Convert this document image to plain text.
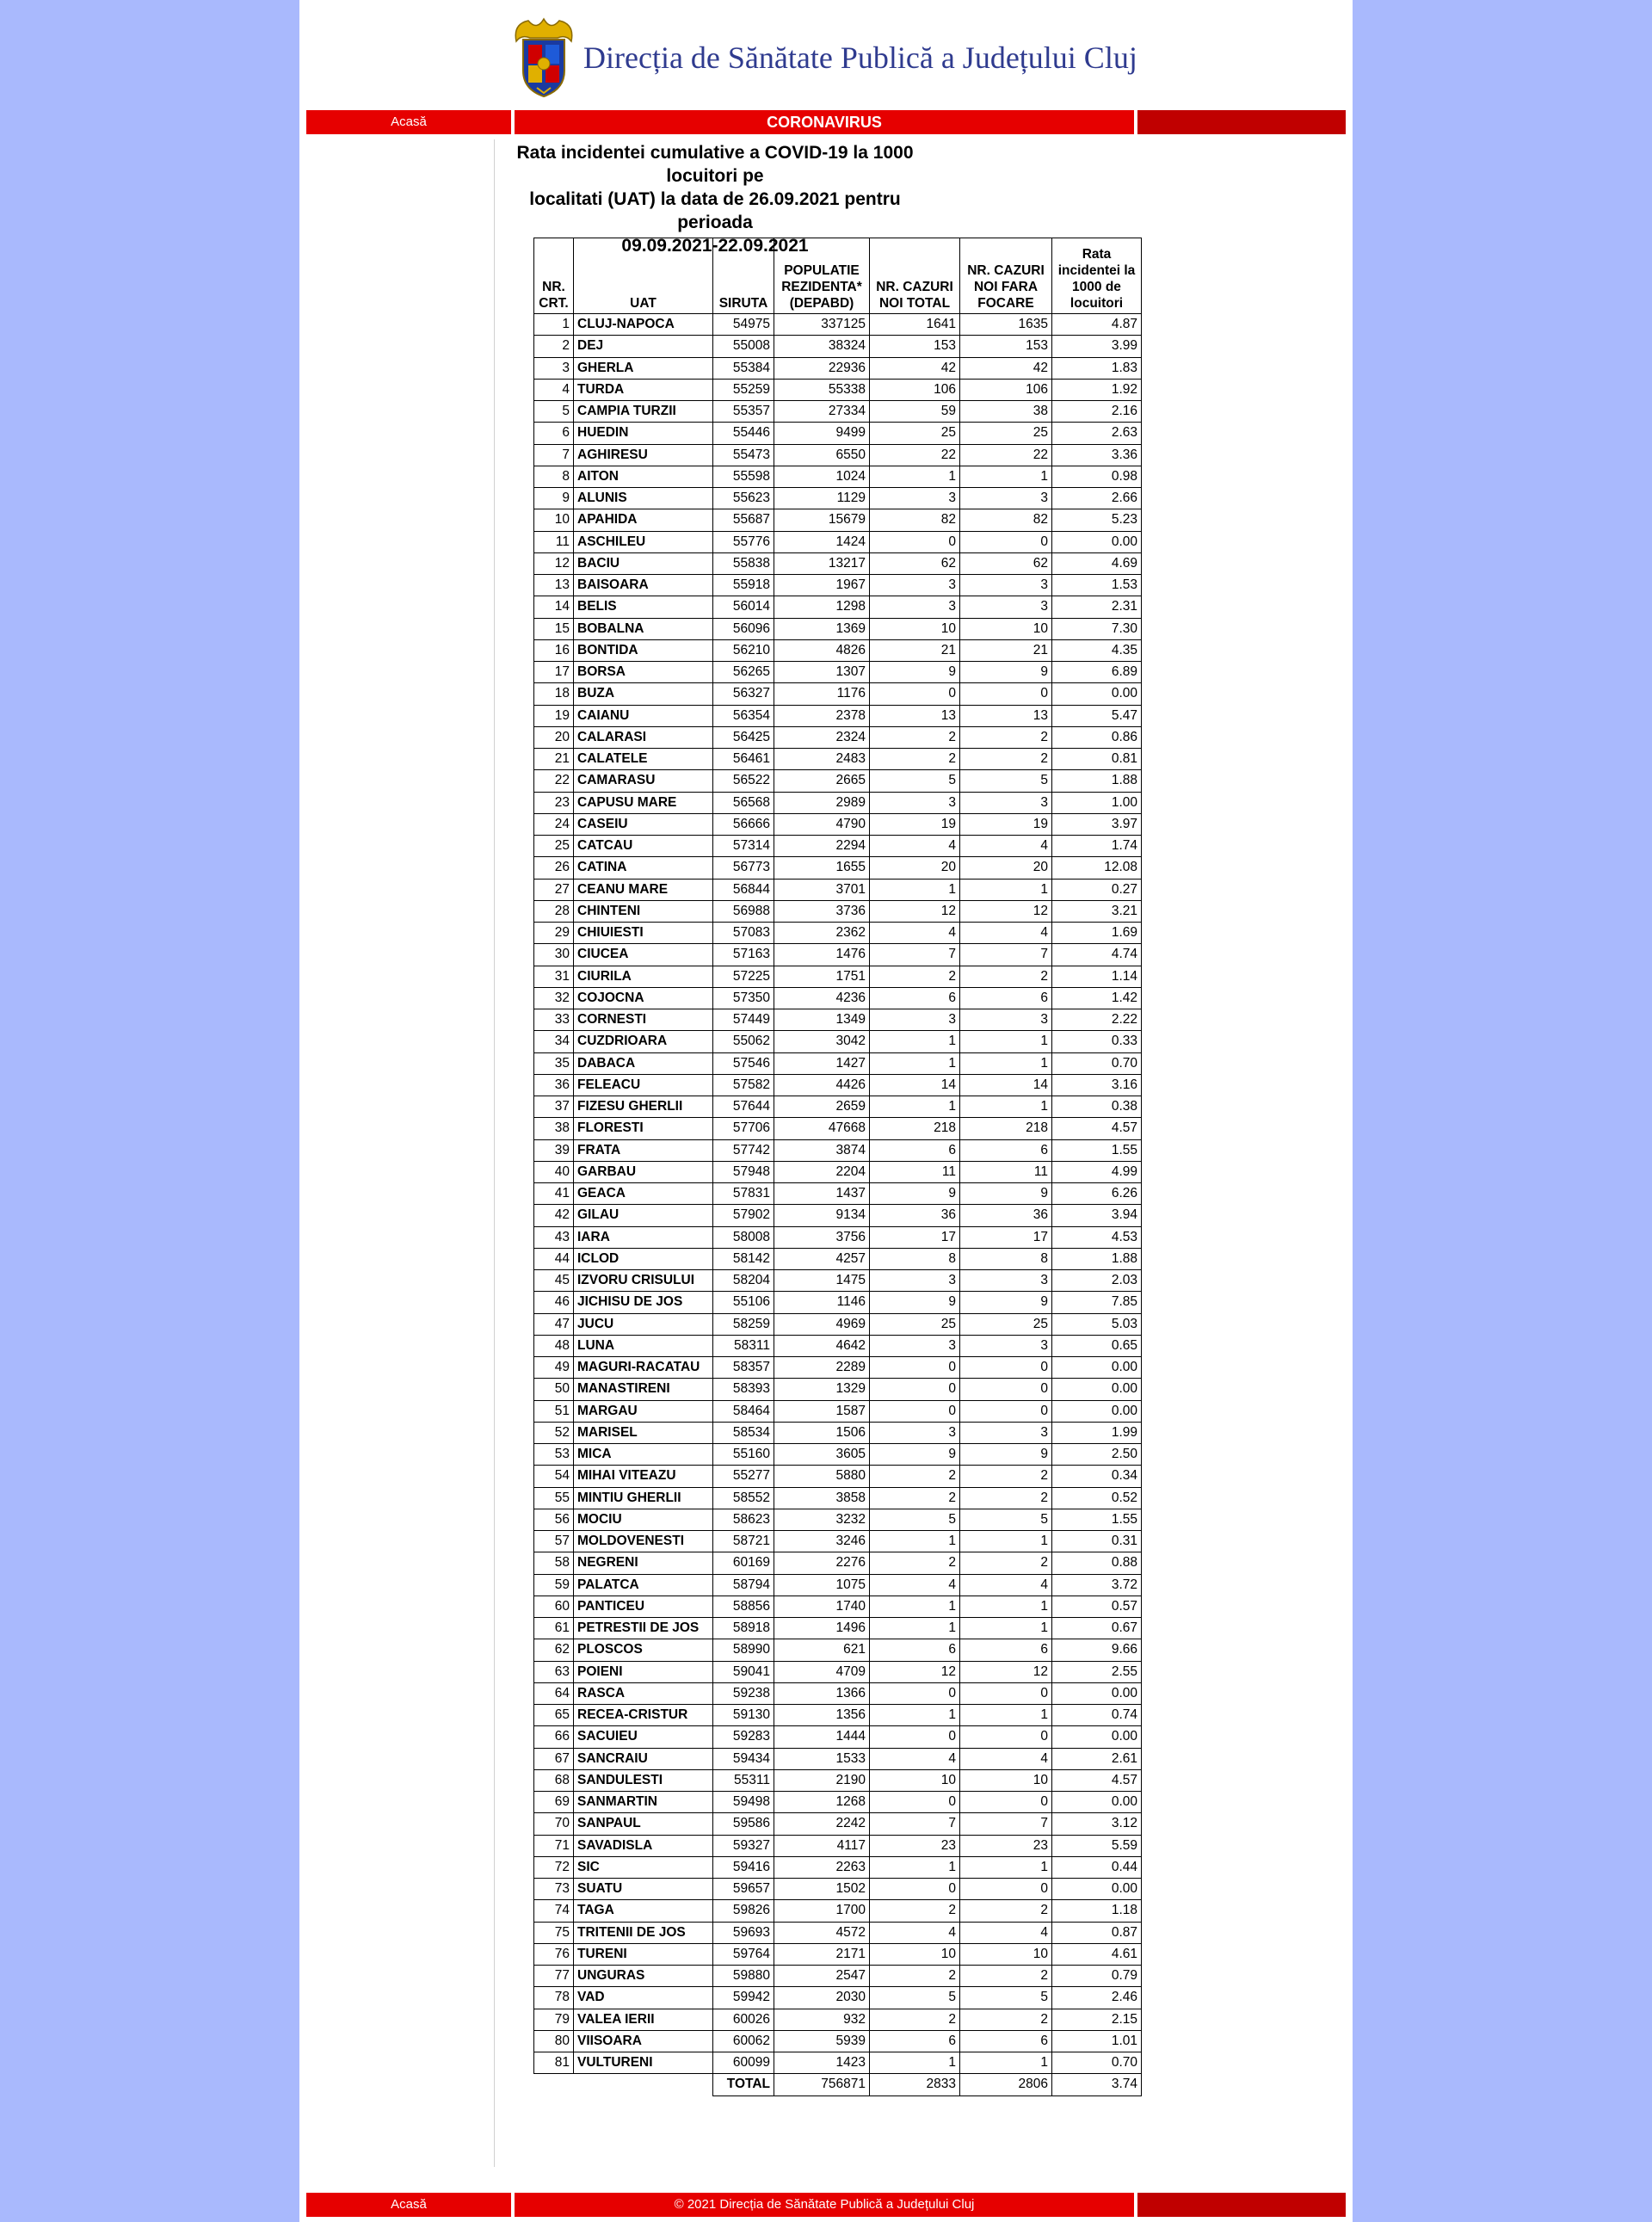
Direcția de Sănătate Publică a Județului Cluj
Acasă	CORONAVIRUS
Rata incidentei cumulative a COVID-19 la 1000 locuitori pe
localitati (UAT) la data de 26.09.2021 pentru perioada
09.09.2021-22.09.2021
NR. CRT.	UAT	SIRUTA	POPULATIE REZIDENTA* (DEPABD)	NR. CAZURI NOI TOTAL	NR. CAZURI NOI FARA FOCARE	Rata incidentei la 1000 de locuitori
1	CLUJ-NAPOCA	54975	337125	1641	1635	4.87
2	DEJ	55008	38324	153	153	3.99
3	GHERLA	55384	22936	42	42	1.83
4	TURDA	55259	55338	106	106	1.92
5	CAMPIA TURZII	55357	27334	59	38	2.16
6	HUEDIN	55446	9499	25	25	2.63
7	AGHIRESU	55473	6550	22	22	3.36
8	AITON	55598	1024	1	1	0.98
9	ALUNIS	55623	1129	3	3	2.66
10	APAHIDA	55687	15679	82	82	5.23
11	ASCHILEU	55776	1424	0	0	0.00
12	BACIU	55838	13217	62	62	4.69
13	BAISOARA	55918	1967	3	3	1.53
14	BELIS	56014	1298	3	3	2.31
15	BOBALNA	56096	1369	10	10	7.30
16	BONTIDA	56210	4826	21	21	4.35
17	BORSA	56265	1307	9	9	6.89
18	BUZA	56327	1176	0	0	0.00
19	CAIANU	56354	2378	13	13	5.47
20	CALARASI	56425	2324	2	2	0.86
21	CALATELE	56461	2483	2	2	0.81
22	CAMARASU	56522	2665	5	5	1.88
23	CAPUSU MARE	56568	2989	3	3	1.00
24	CASEIU	56666	4790	19	19	3.97
25	CATCAU	57314	2294	4	4	1.74
26	CATINA	56773	1655	20	20	12.08
27	CEANU MARE	56844	3701	1	1	0.27
28	CHINTENI	56988	3736	12	12	3.21
29	CHIUIESTI	57083	2362	4	4	1.69
30	CIUCEA	57163	1476	7	7	4.74
31	CIURILA	57225	1751	2	2	1.14
32	COJOCNA	57350	4236	6	6	1.42
33	CORNESTI	57449	1349	3	3	2.22
34	CUZDRIOARA	55062	3042	1	1	0.33
35	DABACA	57546	1427	1	1	0.70
36	FELEACU	57582	4426	14	14	3.16
37	FIZESU GHERLII	57644	2659	1	1	0.38
38	FLORESTI	57706	47668	218	218	4.57
39	FRATA	57742	3874	6	6	1.55
40	GARBAU	57948	2204	11	11	4.99
41	GEACA	57831	1437	9	9	6.26
42	GILAU	57902	9134	36	36	3.94
43	IARA	58008	3756	17	17	4.53
44	ICLOD	58142	4257	8	8	1.88
45	IZVORU CRISULUI	58204	1475	3	3	2.03
46	JICHISU DE JOS	55106	1146	9	9	7.85
47	JUCU	58259	4969	25	25	5.03
48	LUNA	58311	4642	3	3	0.65
49	MAGURI-RACATAU	58357	2289	0	0	0.00
50	MANASTIRENI	58393	1329	0	0	0.00
51	MARGAU	58464	1587	0	0	0.00
52	MARISEL	58534	1506	3	3	1.99
53	MICA	55160	3605	9	9	2.50
54	MIHAI VITEAZU	55277	5880	2	2	0.34
55	MINTIU GHERLII	58552	3858	2	2	0.52
56	MOCIU	58623	3232	5	5	1.55
57	MOLDOVENESTI	58721	3246	1	1	0.31
58	NEGRENI	60169	2276	2	2	0.88
59	PALATCA	58794	1075	4	4	3.72
60	PANTICEU	58856	1740	1	1	0.57
61	PETRESTII DE JOS	58918	1496	1	1	0.67
62	PLOSCOS	58990	621	6	6	9.66
63	POIENI	59041	4709	12	12	2.55
64	RASCA	59238	1366	0	0	0.00
65	RECEA-CRISTUR	59130	1356	1	1	0.74
66	SACUIEU	59283	1444	0	0	0.00
67	SANCRAIU	59434	1533	4	4	2.61
68	SANDULESTI	55311	2190	10	10	4.57
69	SANMARTIN	59498	1268	0	0	0.00
70	SANPAUL	59586	2242	7	7	3.12
71	SAVADISLA	59327	4117	23	23	5.59
72	SIC	59416	2263	1	1	0.44
73	SUATU	59657	1502	0	0	0.00
74	TAGA	59826	1700	2	2	1.18
75	TRITENII DE JOS	59693	4572	4	4	0.87
76	TURENI	59764	2171	10	10	4.61
77	UNGURAS	59880	2547	2	2	0.79
78	VAD	59942	2030	5	5	2.46
79	VALEA IERII	60026	932	2	2	2.15
80	VIISOARA	60062	5939	6	6	1.01
81	VULTURENI	60099	1423	1	1	0.70
		TOTAL	756871	2833	2806	3.74
Acasă	© 2021 Direcția de Sănătate Publică a Județului Cluj
